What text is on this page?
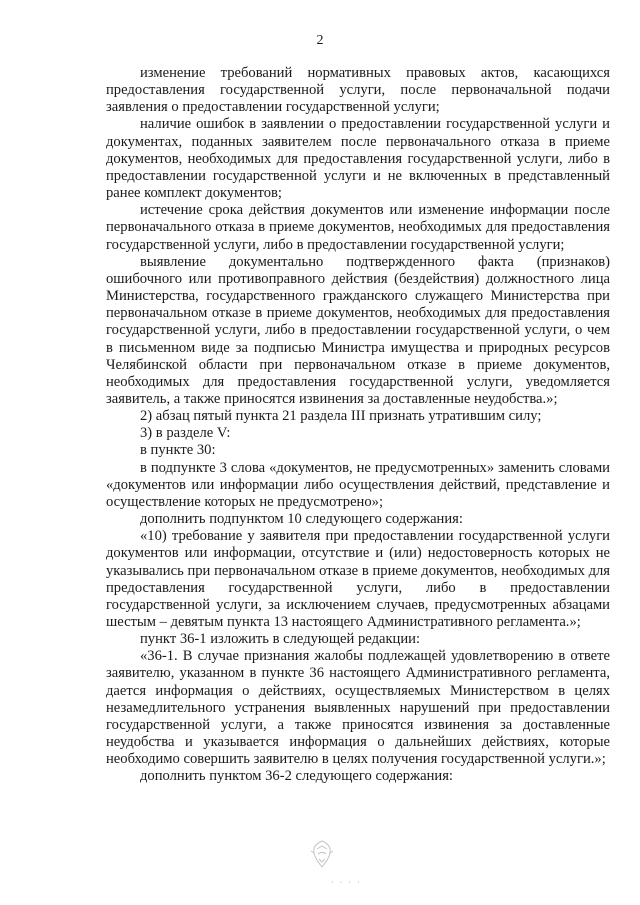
2

изменение требований нормативных правовых актов, касающихся предоставления государственной услуги, после первоначальной подачи заявления о предоставлении государственной услуги;

наличие ошибок в заявлении о предоставлении государственной услуги и документах, поданных заявителем после первоначального отказа в приеме документов, необходимых для предоставления государственной услуги, либо в предоставлении государственной услуги и не включенных в представленный ранее комплект документов;

истечение срока действия документов или изменение информации после первоначального отказа в приеме документов, необходимых для предоставления государственной услуги, либо в предоставлении государственной услуги;

выявление документально подтвержденного факта (признаков) ошибочного или противоправного действия (бездействия) должностного лица Министерства, государственного гражданского служащего Министерства при первоначальном отказе в приеме документов, необходимых для предоставления государственной услуги, либо в предоставлении государственной услуги, о чем в письменном виде за подписью Министра имущества и природных ресурсов Челябинской области при первоначальном отказе в приеме документов, необходимых для предоставления государственной услуги, уведомляется заявитель, а также приносятся извинения за доставленные неудобства.»;

2) абзац пятый пункта 21 раздела III признать утратившим силу;

3) в разделе V:

в пункте 30:

в подпункте 3 слова «документов, не предусмотренных» заменить словами «документов или информации либо осуществления действий, представление и осуществление которых не предусмотрено»;

дополнить подпунктом 10 следующего содержания:

«10) требование у заявителя при предоставлении государственной услуги документов или информации, отсутствие и (или) недостоверность которых не указывались при первоначальном отказе в приеме документов, необходимых для предоставления государственной услуги, либо в предоставлении государственной услуги, за исключением случаев, предусмотренных абзацами шестым – девятым пункта 13 настоящего Административного регламента.»;

пункт 36-1 изложить в следующей редакции:

«36-1. В случае признания жалобы подлежащей удовлетворению в ответе заявителю, указанном в пункте 36 настоящего Административного регламента, дается информация о действиях, осуществляемых Министерством в целях незамедлительного устранения выявленных нарушений при предоставлении государственной услуги, а также приносятся извинения за доставленные неудобства и указывается информация о дальнейших действиях, которые необходимо совершить заявителю в целях получения государственной услуги.»;

дополнить пунктом 36-2 следующего содержания:

· · · ·
